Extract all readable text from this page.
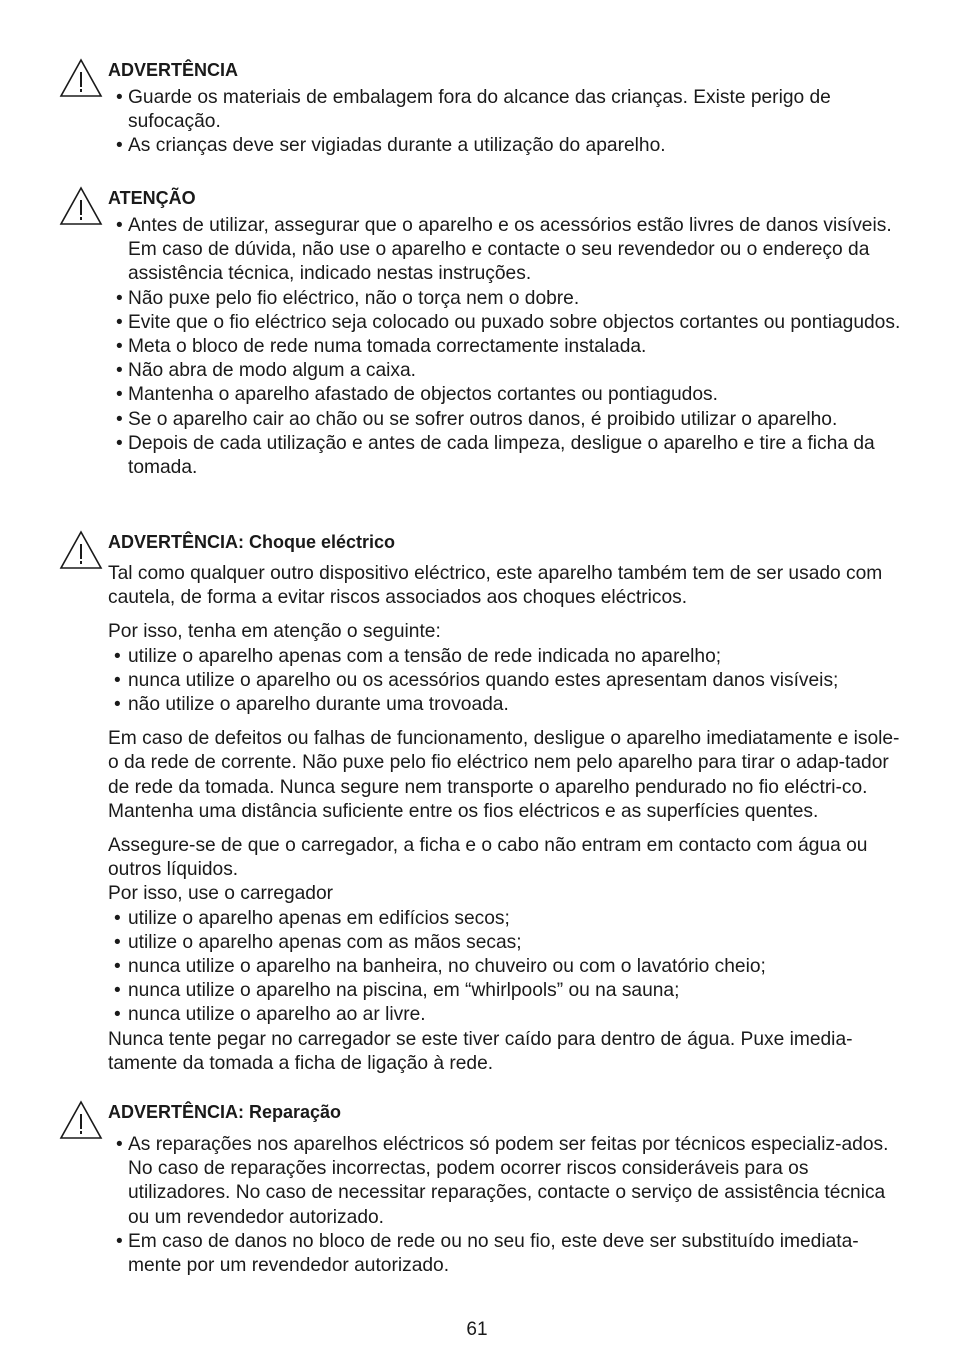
ADVERTÊNCIA
• Guarde os materiais de embalagem fora do alcance das crianças. Existe perigo de sufocação.
• As crianças deve ser vigiadas durante a utilização do aparelho.
ATENÇÃO
• Antes de utilizar, assegurar que o aparelho e os acessórios estão livres de danos visíveis. Em caso de dúvida, não use o aparelho e contacte o seu revendedor ou o endereço da assistência técnica, indicado nestas instruções.
• Não puxe pelo fio eléctrico, não o torça nem o dobre.
• Evite que o fio eléctrico seja colocado ou puxado sobre objectos cortantes ou pontiagudos.
• Meta o bloco de rede numa tomada correctamente instalada.
• Não abra de modo algum a caixa.
• Mantenha o aparelho afastado de objectos cortantes ou pontiagudos.
• Se o aparelho cair ao chão ou se sofrer outros danos, é proibido utilizar o aparelho.
• Depois de cada utilização e antes de cada limpeza, desligue o aparelho e tire a ficha da tomada.
ADVERTÊNCIA: Choque eléctrico

Tal como qualquer outro dispositivo eléctrico, este aparelho também tem de ser usado com cautela, de forma a evitar riscos associados aos choques eléctricos.

Por isso, tenha em atenção o seguinte:

• utilize o aparelho apenas com a tensão de rede indicada no aparelho;
• nunca utilize o aparelho ou os acessórios quando estes apresentam danos visíveis;
• não utilize o aparelho durante uma trovoada.

Em caso de defeitos ou falhas de funcionamento, desligue o aparelho imediatamente e isole-o da rede de corrente. Não puxe pelo fio eléctrico nem pelo aparelho para tirar o adap-tador de rede da tomada. Nunca segure nem transporte o aparelho pendurado no fio eléctri-co. Mantenha uma distância suficiente entre os fios eléctricos e as superfícies quentes.

Assegure-se de que o carregador, a ficha e o cabo não entram em contacto com água ou outros líquidos.

Por isso, use o carregador

• utilize o aparelho apenas em edifícios secos;
• utilize o aparelho apenas com as mãos secas;
• nunca utilize o aparelho na banheira, no chuveiro ou com o lavatório cheio;
• nunca utilize o aparelho na piscina, em “whirlpools” ou na sauna;
• nunca utilize o aparelho ao ar livre.

Nunca tente pegar no carregador se este tiver caído para dentro de água. Puxe imedia-tamente da tomada a ficha de ligação à rede.

ADVERTÊNCIA: Reparação
• As reparações nos aparelhos eléctricos só podem ser feitas por técnicos especializ-ados. No caso de reparações incorrectas, podem ocorrer riscos consideráveis para os utilizadores. No caso de necessitar reparações, contacte o serviço de assistência técnica ou um revendedor autorizado.
• Em caso de danos no bloco de rede ou no seu fio, este deve ser substituído imediata-mente por um revendedor autorizado.
61
